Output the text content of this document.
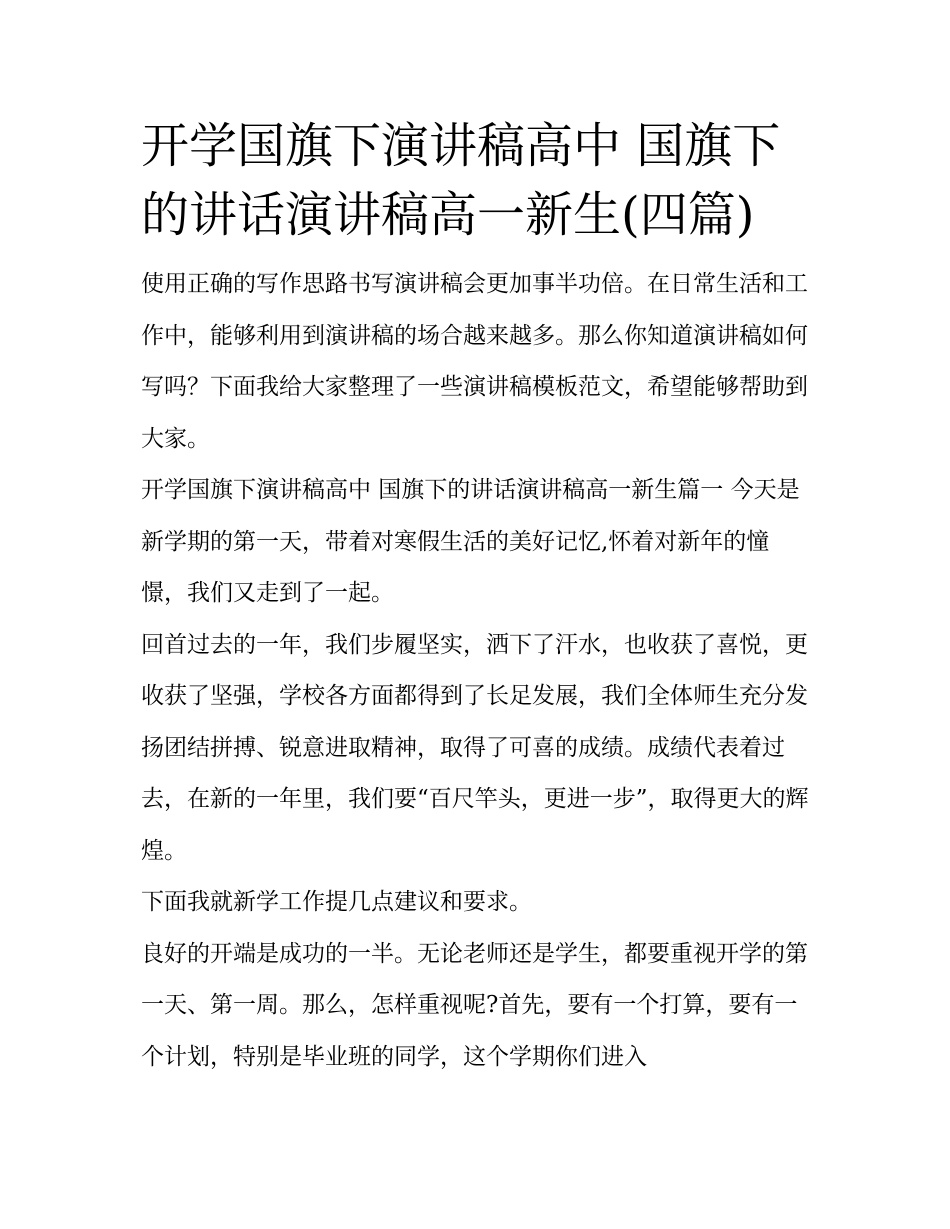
开学国旗下演讲稿高中 国旗下的讲话演讲稿高一新生(四篇)

使用正确的写作思路书写演讲稿会更加事半功倍。在日常生活和工作中，能够利用到演讲稿的场合越来越多。那么你知道演讲稿如何写吗？下面我给大家整理了一些演讲稿模板范文，希望能够帮助到大家。

开学国旗下演讲稿高中 国旗下的讲话演讲稿高一新生篇一 今天是新学期的第一天，带着对寒假生活的美好记忆,怀着对新年的憧憬，我们又走到了一起。

回首过去的一年，我们步履坚实，洒下了汗水，也收获了喜悦，更收获了坚强，学校各方面都得到了长足发展，我们全体师生充分发扬团结拼搏、锐意进取精神，取得了可喜的成绩。成绩代表着过去，在新的一年里，我们要“百尺竿头，更进一步”，取得更大的辉煌。

下面我就新学工作提几点建议和要求。

良好的开端是成功的一半。无论老师还是学生，都要重视开学的第一天、第一周。那么，怎样重视呢?首先，要有一个打算，要有一个计划，特别是毕业班的同学，这个学期你们进入
